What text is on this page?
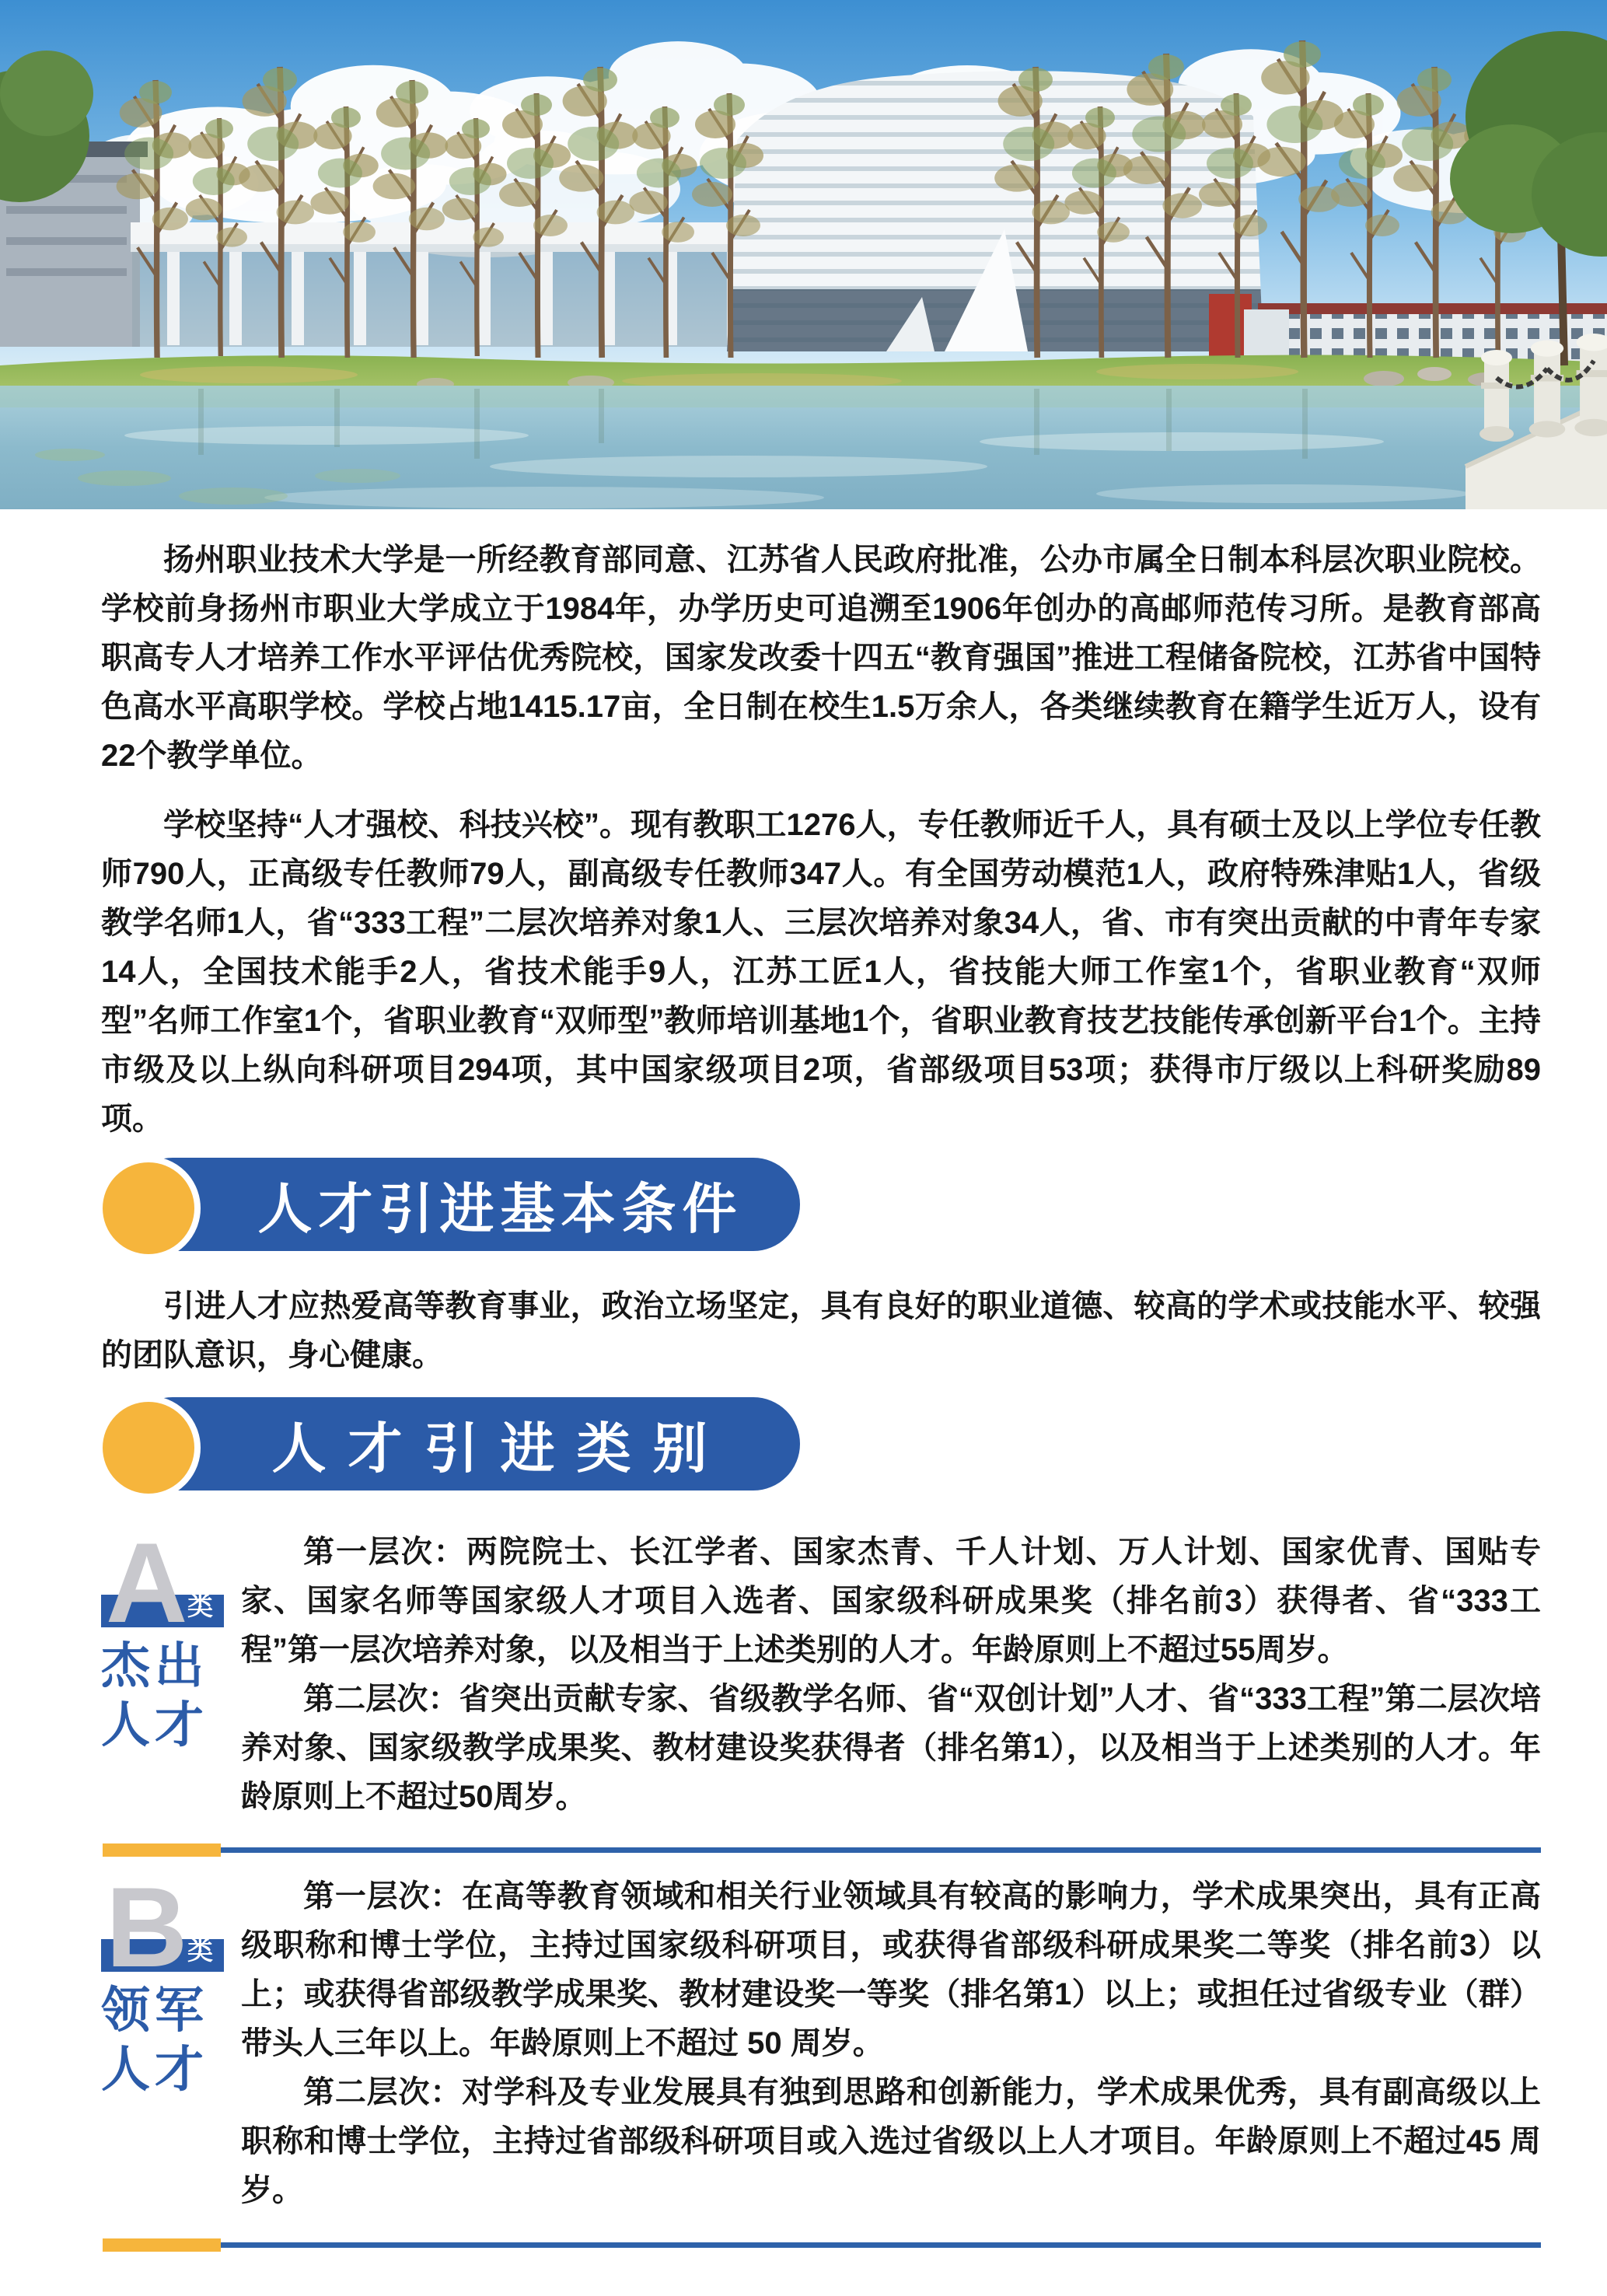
扬州职业技术大学是一所经教育部同意、江苏省人民政府批准，公办市属全日制本科层次职业院校。学校前身扬州市职业大学成立于1984年，办学历史可追溯至1906年创办的高邮师范传习所。是教育部高职高专人才培养工作水平评估优秀院校，国家发改委十四五“教育强国”推进工程储备院校，江苏省中国特色高水平高职学校。学校占地1415.17亩，全日制在校生1.5万余人，各类继续教育在籍学生近万人，设有22个教学单位。

学校坚持“人才强校、科技兴校”。现有教职工1276人，专任教师近千人，具有硕士及以上学位专任教师790人，正高级专任教师79人，副高级专任教师347人。有全国劳动模范1人，政府特殊津贴1人，省级教学名师1人，省“333工程”二层次培养对象1人、三层次培养对象34人，省、市有突出贡献的中青年专家14人，全国技术能手2人，省技术能手9人，江苏工匠1人，省技能大师工作室1个，省职业教育“双师型”名师工作室1个，省职业教育“双师型”教师培训基地1个，省职业教育技艺技能传承创新平台1个。主持市级及以上纵向科研项目294项，其中国家级项目2项，省部级项目53项；获得市厅级以上科研奖励89项。

人才引进基本条件

引进人才应热爱高等教育事业，政治立场坚定，具有良好的职业道德、较高的学术或技能水平、较强的团队意识，身心健康。

人才引进类别
A 类
杰出
人才

第一层次：两院院士、长江学者、国家杰青、千人计划、万人计划、国家优青、国贴专家、国家名师等国家级人才项目入选者、国家级科研成果奖（排名前3）获得者、省“333工程”第一层次培养对象，以及相当于上述类别的人才。年龄原则上不超过55周岁。

第二层次：省突出贡献专家、省级教学名师、省“双创计划”人才、省“333工程”第二层次培养对象、国家级教学成果奖、教材建设奖获得者（排名第1），以及相当于上述类别的人才。年龄原则上不超过50周岁。

B 类
领军
人才

第一层次：在高等教育领域和相关行业领域具有较高的影响力，学术成果突出，具有正高级职称和博士学位，主持过国家级科研项目，或获得省部级科研成果奖二等奖（排名前3）以上；或获得省部级教学成果奖、教材建设奖一等奖（排名第1）以上；或担任过省级专业（群）带头人三年以上。年龄原则上不超过 50 周岁。

第二层次：对学科及专业发展具有独到思路和创新能力，学术成果优秀，具有副高级以上职称和博士学位，主持过省部级科研项目或入选过省级以上人才项目。年龄原则上不超过45 周岁。
